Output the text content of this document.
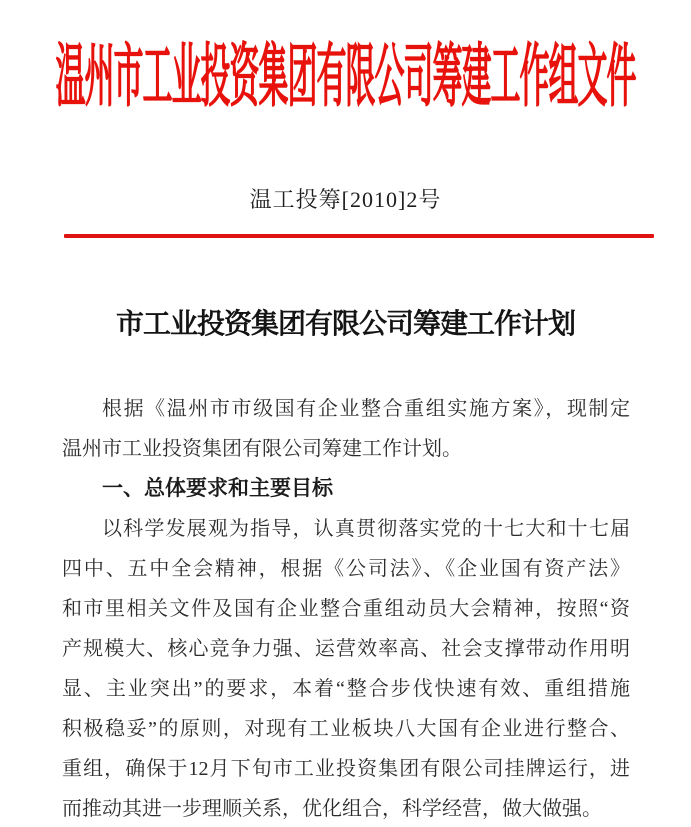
温州市工业投资集团有限公司筹建工作组文件
温工投筹[2010]2号
市工业投资集团有限公司筹建工作计划
根据《温州市市级国有企业整合重组实施方案》，现制定
温州市工业投资集团有限公司筹建工作计划。
一、总体要求和主要目标
以科学发展观为指导，认真贯彻落实党的十七大和十七届
四中、五中全会精神，根据《公司法》、《企业国有资产法》
和市里相关文件及国有企业整合重组动员大会精神，按照“资
产规模大、核心竞争力强、运营效率高、社会支撑带动作用明
显、主业突出”的要求，本着“整合步伐快速有效、重组措施
积极稳妥”的原则，对现有工业板块八大国有企业进行整合、
重组，确保于12月下旬市工业投资集团有限公司挂牌运行，进
而推动其进一步理顺关系，优化组合，科学经营，做大做强。
